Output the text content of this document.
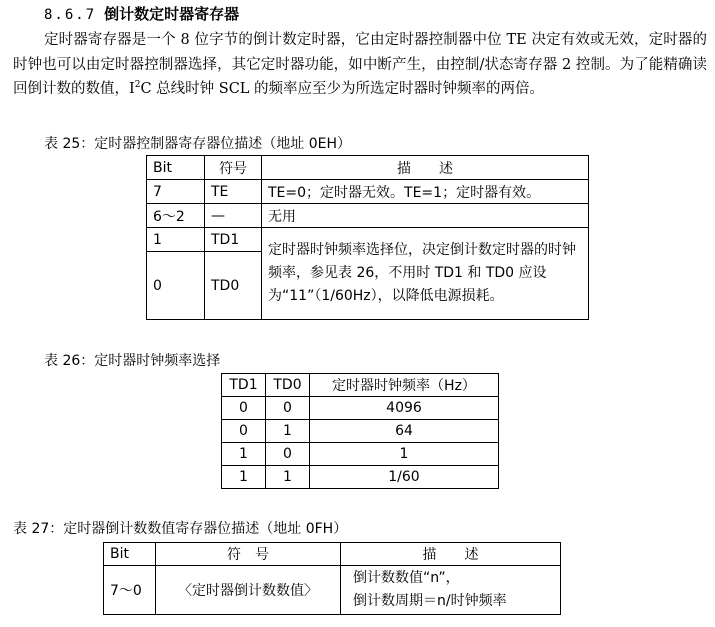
8.6.7 倒计数定时器寄存器
定时器寄存器是一个 8 位字节的倒计数定时器，它由定时器控制器中位 TE 决定有效或无效，定时器的时钟也可以由定时器控制器选择，其它定时器功能，如中断产生，由控制/状态寄存器 2 控制。为了能精确读回倒计数的数值，$I^2C$ 总线时钟 SCL 的频率应至少为所选定时器时钟频率的两倍。
表 25：定时器控制器寄存器位描述（地址 0EH）
Bit	符号	描　　述
7	TE	TE=0；定时器无效。TE=1；定时器有效。
6～2	—	无用
1	TD1	定时器时钟频率选择位，决定倒计数定时器的时钟频率，参见表 26，不用时 TD1 和 TD0 应设为“11”（1/60Hz），以降低电源损耗。
0	TD0	
表 26：定时器时钟频率选择
TD1	TD0	定时器时钟频率（Hz）
0	0	4096
0	1	64
1	0	1
1	1	1/60
表 27：定时器倒计数数值寄存器位描述（地址 0FH）
Bit	符　号	描　　述
7～0	〈定时器倒计数数值〉	倒计数数值“n”，
倒计数周期＝n/时钟频率
